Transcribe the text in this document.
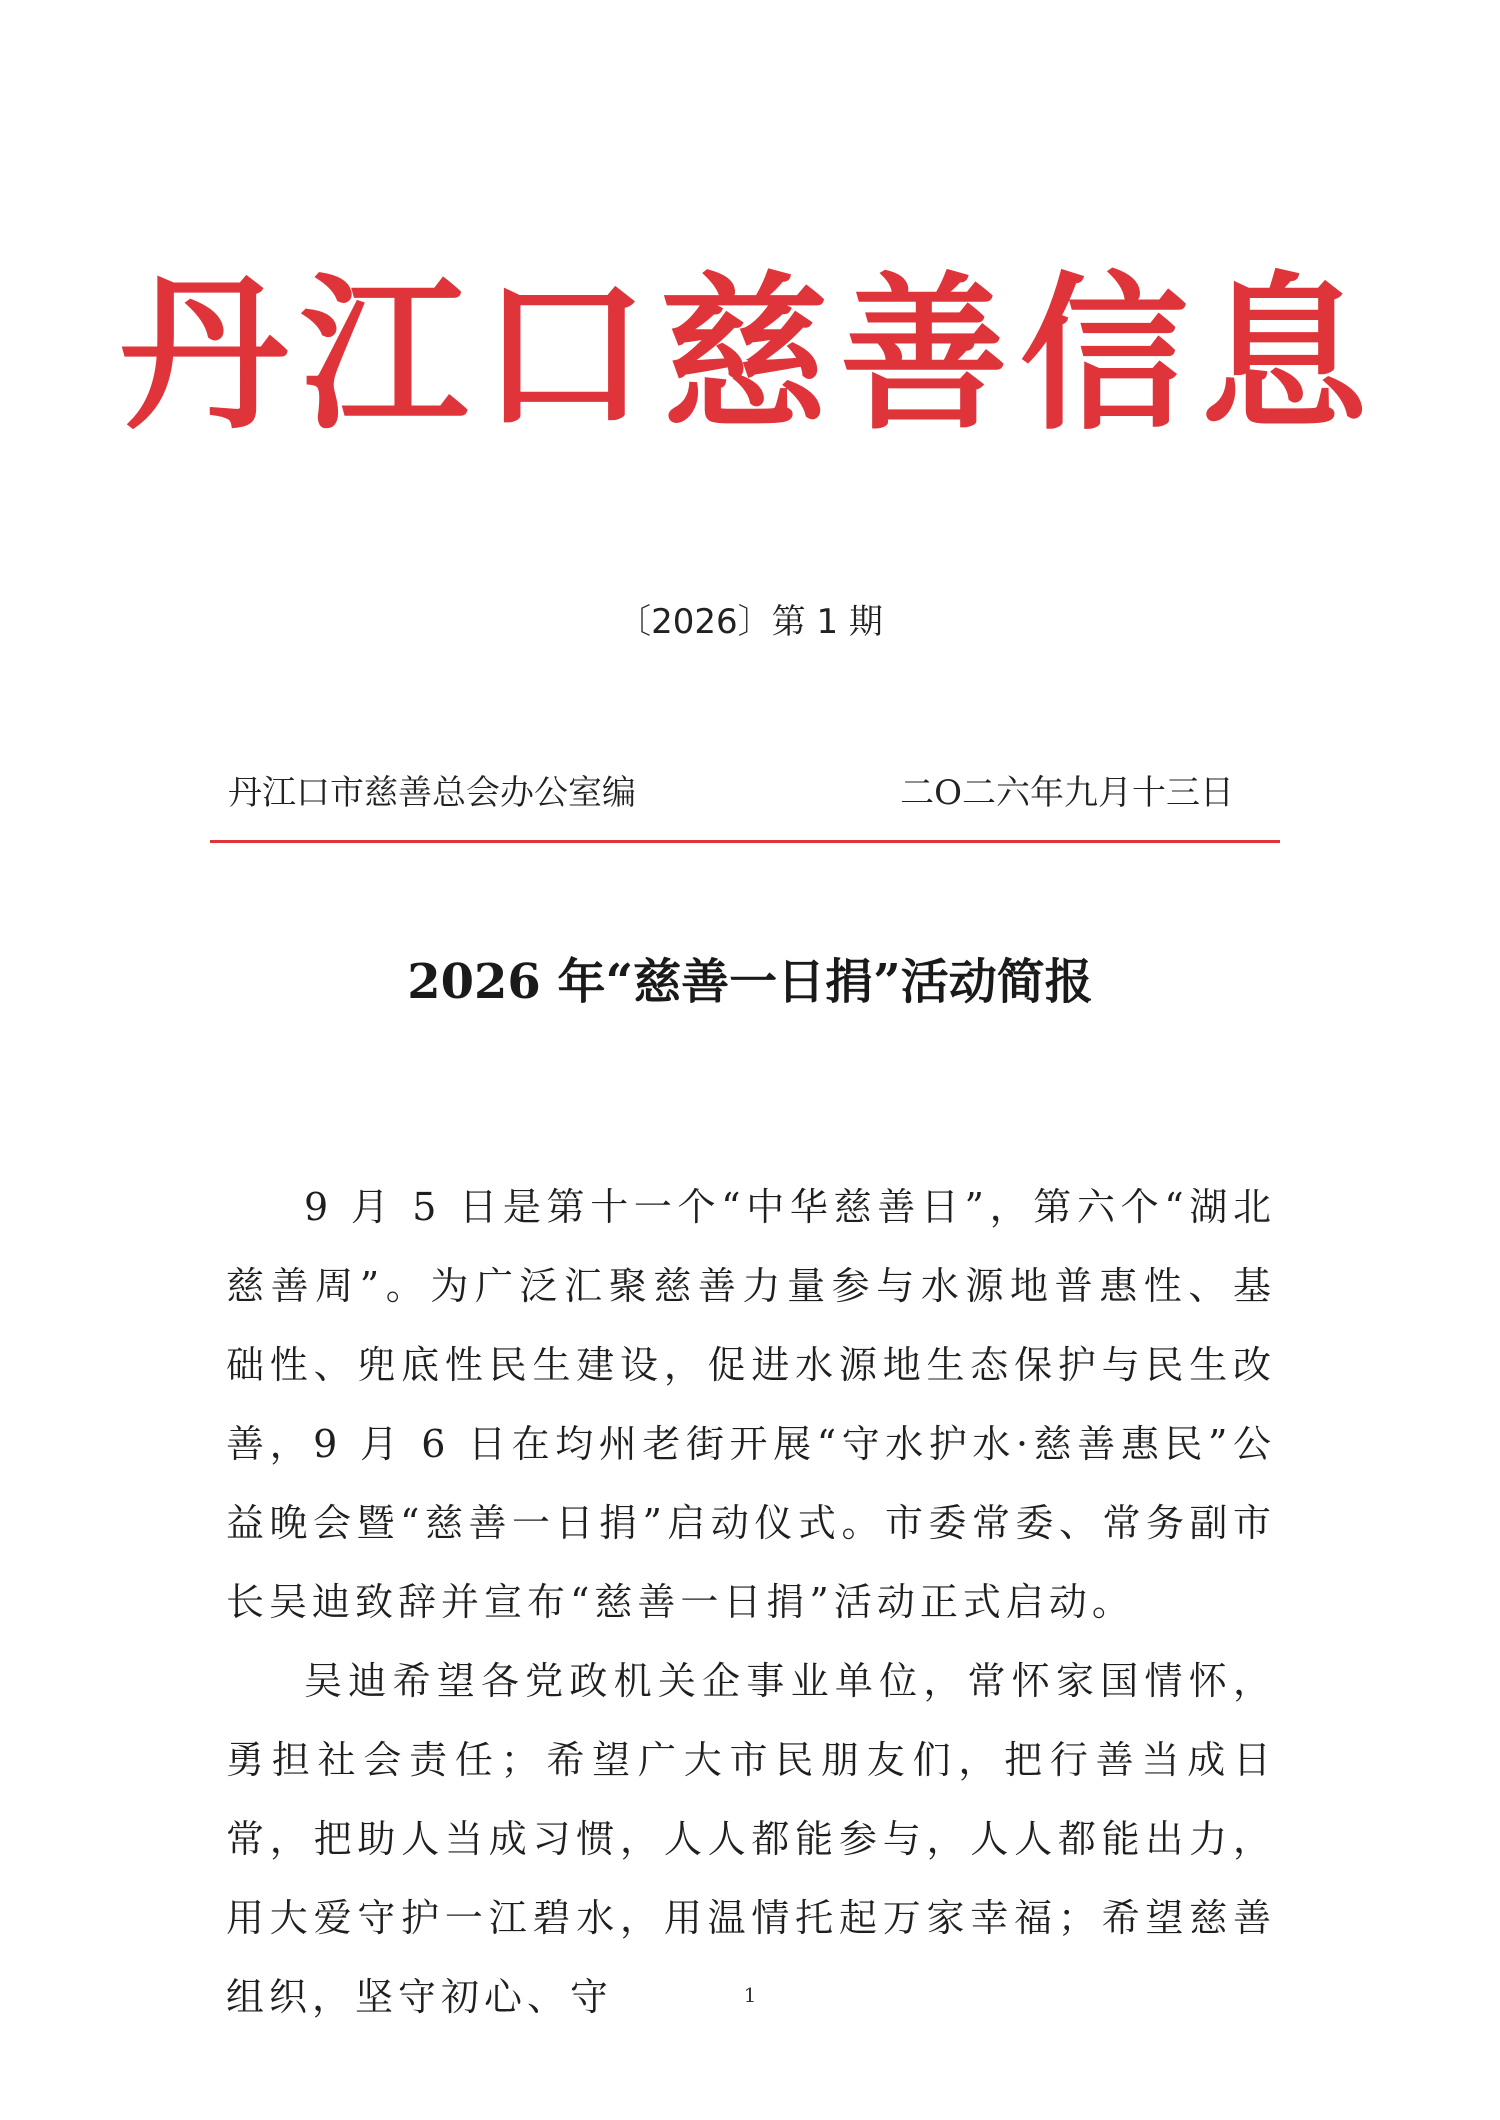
丹江口慈善信息
〔2026〕第 1 期
丹江口市慈善总会办公室编	二O二六年九月十三日
2026 年“慈善一日捐”活动简报

9 月 5 日是第十一个“中华慈善日”，第六个“湖北慈善周”。为广泛汇聚慈善力量参与水源地普惠性、基础性、兜底性民生建设，促进水源地生态保护与民生改善，9 月 6 日在均州老街开展“守水护水·慈善惠民”公益晚会暨“慈善一日捐”启动仪式。市委常委、常务副市长吴迪致辞并宣布“慈善一日捐”活动正式启动。

吴迪希望各党政机关企事业单位，常怀家国情怀，勇担社会责任；希望广大市民朋友们，把行善当成日常，把助人当成习惯，人人都能参与，人人都能出力，用大爱守护一江碧水，用温情托起万家幸福；希望慈善组织，坚守初心、守	1
